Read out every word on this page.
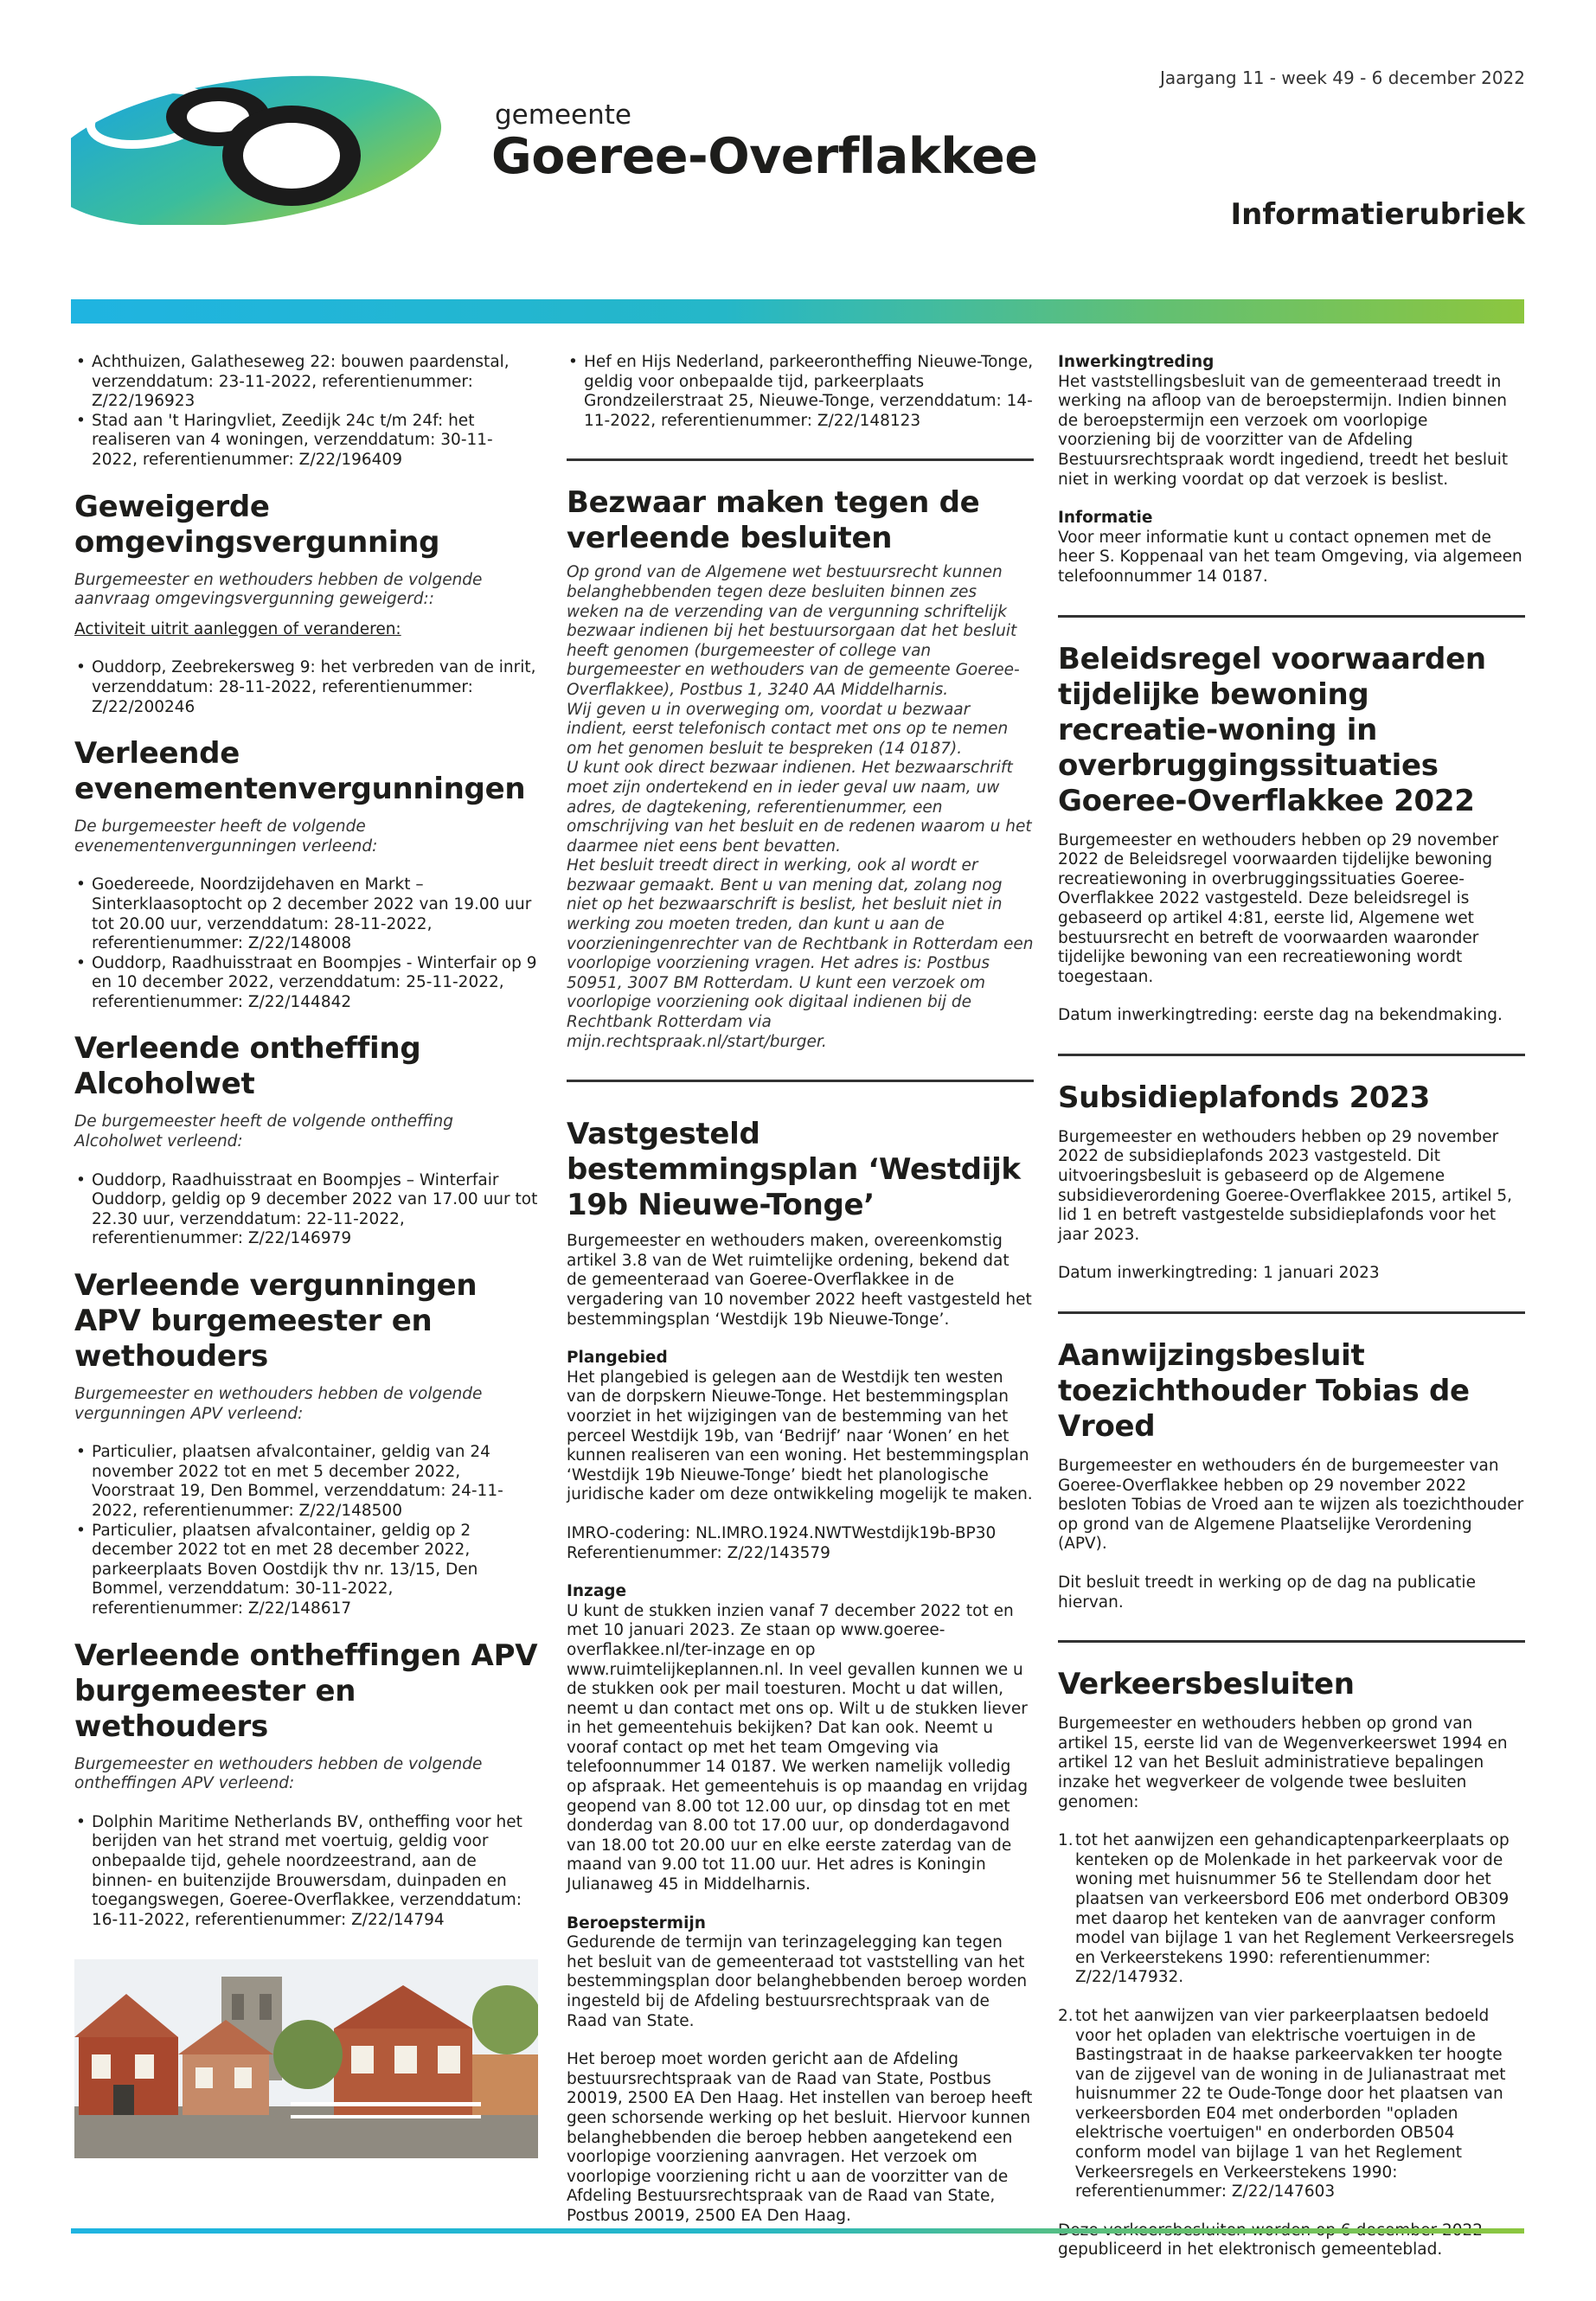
Jaargang 11 - week 49 - 6 december 2022
gemeente
Goeree-Overflakkee
Informatierubriek
• Achthuizen, Galatheseweg 22: bouwen paardenstal, verzenddatum: 23-11-2022, referentienummer: Z/22/196923
• Stad aan 't Haringvliet, Zeedijk 24c t/m 24f: het realiseren van 4 woningen, verzenddatum: 30-11-2022, referentienummer: Z/22/196409
Geweigerde omgevingsvergunning

Burgemeester en wethouders hebben de volgende aanvraag omgevingsvergunning geweigerd::

Activiteit uitrit aanleggen of veranderen:

• Ouddorp, Zeebrekersweg 9: het verbreden van de inrit, verzenddatum: 28-11-2022, referentienummer: Z/22/200246
Verleende evenementenvergunningen

De burgemeester heeft de volgende evenementenvergunningen verleend:

• Goedereede, Noordzijdehaven en Markt – Sinterklaasoptocht op 2 december 2022 van 19.00 uur tot 20.00 uur, verzenddatum: 28-11-2022, referentienummer: Z/22/148008
• Ouddorp, Raadhuisstraat en Boompjes - Winterfair op 9 en 10 december 2022, verzenddatum: 25-11-2022, referentienummer: Z/22/144842
Verleende ontheffing Alcoholwet

De burgemeester heeft de volgende ontheffing Alcoholwet verleend:

• Ouddorp, Raadhuisstraat en Boompjes – Winterfair Ouddorp, geldig op 9 december 2022 van 17.00 uur tot 22.30 uur, verzenddatum: 22-11-2022, referentienummer: Z/22/146979
Verleende vergunningen APV burgemeester en wethouders

Burgemeester en wethouders hebben de volgende vergunningen APV verleend:

• Particulier, plaatsen afvalcontainer, geldig van 24 november 2022 tot en met 5 december 2022, Voorstraat 19, Den Bommel, verzenddatum: 24-11-2022, referentienummer: Z/22/148500
• Particulier, plaatsen afvalcontainer, geldig op 2 december 2022 tot en met 28 december 2022, parkeerplaats Boven Oostdijk thv nr. 13/15, Den Bommel, verzenddatum: 30-11-2022, referentienummer: Z/22/148617
Verleende ontheffingen APV burgemeester en wethouders

Burgemeester en wethouders hebben de volgende ontheffingen APV verleend:

• Dolphin Maritime Netherlands BV, ontheffing voor het berijden van het strand met voertuig, geldig voor onbepaalde tijd, gehele noordzeestrand, aan de binnen- en buitenzijde Brouwersdam, duinpaden en toegangswegen, Goeree-Overflakkee, verzenddatum: 16-11-2022, referentienummer: Z/22/14794
• Hef en Hijs Nederland, parkeerontheffing Nieuwe-Tonge, geldig voor onbepaalde tijd, parkeerplaats Grondzeilerstraat 25, Nieuwe-Tonge, verzenddatum: 14-11-2022, referentienummer: Z/22/148123
Bezwaar maken tegen de verleende besluiten

Op grond van de Algemene wet bestuursrecht kunnen belanghebbenden tegen deze besluiten binnen zes weken na de verzending van de vergunning schriftelijk bezwaar indienen bij het bestuursorgaan dat het besluit heeft genomen (burgemeester of college van burgemeester en wethouders van de gemeente Goeree-Overflakkee), Postbus 1, 3240 AA Middelharnis.

Wij geven u in overweging om, voordat u bezwaar indient, eerst telefonisch contact met ons op te nemen om het genomen besluit te bespreken (14 0187).

U kunt ook direct bezwaar indienen. Het bezwaarschrift moet zijn ondertekend en in ieder geval uw naam, uw adres, de dagtekening, referentienummer, een omschrijving van het besluit en de redenen waarom u het daarmee niet eens bent bevatten.

Het besluit treedt direct in werking, ook al wordt er bezwaar gemaakt. Bent u van mening dat, zolang nog niet op het bezwaarschrift is beslist, het besluit niet in werking zou moeten treden, dan kunt u aan de voorzieningenrechter van de Rechtbank in Rotterdam een voorlopige voorziening vragen. Het adres is: Postbus 50951, 3007 BM Rotterdam. U kunt een verzoek om voorlopige voorziening ook digitaal indienen bij de Rechtbank Rotterdam via mijn.rechtspraak.nl/start/burger.

Vastgesteld bestemmingsplan ‘Westdijk 19b Nieuwe-Tonge’

Burgemeester en wethouders maken, overeenkomstig artikel 3.8 van de Wet ruimtelijke ordening, bekend dat de gemeenteraad van Goeree-Overflakkee in de vergadering van 10 november 2022 heeft vastgesteld het bestemmingsplan ‘Westdijk 19b Nieuwe-Tonge’.

Plangebied

Het plangebied is gelegen aan de Westdijk ten westen van de dorpskern Nieuwe-Tonge. Het bestemmingsplan voorziet in het wijzigingen van de bestemming van het perceel Westdijk 19b, van ‘Bedrijf’ naar ‘Wonen’ en het kunnen realiseren van een woning. Het bestemmingsplan ‘Westdijk 19b Nieuwe-Tonge’ biedt het planologische juridische kader om deze ontwikkeling mogelijk te maken.

IMRO-codering: NL.IMRO.1924.NWTWestdijk19b-BP30

Referentienummer: Z/22/143579

Inzage

U kunt de stukken inzien vanaf 7 december 2022 tot en met 10 januari 2023. Ze staan op www.goeree-overflakkee.nl/ter-inzage en op www.ruimtelijkeplannen.nl. In veel gevallen kunnen we u de stukken ook per mail toesturen. Mocht u dat willen, neemt u dan contact met ons op. Wilt u de stukken liever in het gemeentehuis bekijken? Dat kan ook. Neemt u vooraf contact op met het team Omgeving via telefoonnummer 14 0187. We werken namelijk volledig op afspraak. Het gemeentehuis is op maandag en vrijdag geopend van 8.00 tot 12.00 uur, op dinsdag tot en met donderdag van 8.00 tot 17.00 uur, op donderdagavond van 18.00 tot 20.00 uur en elke eerste zaterdag van de maand van 9.00 tot 11.00 uur. Het adres is Koningin Julianaweg 45 in Middelharnis.

Beroepstermijn

Gedurende de termijn van terinzagelegging kan tegen het besluit van de gemeenteraad tot vaststelling van het bestemmingsplan door belanghebbenden beroep worden ingesteld bij de Afdeling bestuursrechtspraak van de Raad van State.

Het beroep moet worden gericht aan de Afdeling bestuursrechtspraak van de Raad van State, Postbus 20019, 2500 EA Den Haag. Het instellen van beroep heeft geen schorsende werking op het besluit. Hiervoor kunnen belanghebbenden die beroep hebben aangetekend een voorlopige voorziening aanvragen. Het verzoek om voorlopige voorziening richt u aan de voorzitter van de Afdeling Bestuursrechtspraak van de Raad van State, Postbus 20019, 2500 EA Den Haag.

Inwerkingtreding

Het vaststellingsbesluit van de gemeenteraad treedt in werking na afloop van de beroepstermijn. Indien binnen de beroepstermijn een verzoek om voorlopige voorziening bij de voorzitter van de Afdeling Bestuursrechtspraak wordt ingediend, treedt het besluit niet in werking voordat op dat verzoek is beslist.

Informatie

Voor meer informatie kunt u contact opnemen met de heer S. Koppenaal van het team Omgeving, via algemeen telefoonnummer 14 0187.

Beleidsregel voorwaarden tijdelijke bewoning recreatie-woning in overbruggingssituaties Goeree-Overflakkee 2022

Burgemeester en wethouders hebben op 29 november 2022 de Beleidsregel voorwaarden tijdelijke bewoning recreatiewoning in overbruggingssituaties Goeree-Overflakkee 2022 vastgesteld. Deze beleidsregel is gebaseerd op artikel 4:81, eerste lid, Algemene wet bestuursrecht en betreft de voorwaarden waaronder tijdelijke bewoning van een recreatiewoning wordt toegestaan.

Datum inwerkingtreding: eerste dag na bekendmaking.

Subsidieplafonds 2023

Burgemeester en wethouders hebben op 29 november 2022 de subsidieplafonds 2023 vastgesteld. Dit uitvoeringsbesluit is gebaseerd op de Algemene subsidieverordening Goeree-Overflakkee 2015, artikel 5, lid 1 en betreft vastgestelde subsidieplafonds voor het jaar 2023.

Datum inwerkingtreding: 1 januari 2023

Aanwijzingsbesluit toezichthouder Tobias de Vroed

Burgemeester en wethouders én de burgemeester van Goeree-Overflakkee hebben op 29 november 2022 besloten Tobias de Vroed aan te wijzen als toezichthouder op grond van de Algemene Plaatselijke Verordening (APV).

Dit besluit treedt in werking op de dag na publicatie hiervan.

Verkeersbesluiten

Burgemeester en wethouders hebben op grond van artikel 15, eerste lid van de Wegenverkeerswet 1994 en artikel 12 van het Besluit administratieve bepalingen inzake het wegverkeer de volgende twee besluiten genomen:

1. tot het aanwijzen een gehandicaptenparkeerplaats op kenteken op de Molenkade in het parkeervak voor de woning met huisnummer 56 te Stellendam door het plaatsen van verkeersbord E06 met onderbord OB309 met daarop het kenteken van de aanvrager conform model van bijlage 1 van het Reglement Verkeersregels en Verkeerstekens 1990: referentienummer: Z/22/147932.
2. tot het aanwijzen van vier parkeerplaatsen bedoeld voor het opladen van elektrische voertuigen in de Bastingstraat in de haakse parkeervakken ter hoogte van de zijgevel van de woning in de Julianastraat met huisnummer 22 te Oude-Tonge door het plaatsen van verkeersborden E04 met onderborden "opladen elektrische voertuigen" en onderborden OB504 conform model van bijlage 1 van het Reglement Verkeersregels en Verkeerstekens 1990: referentienummer: Z/22/147603

gepubliceerd in het elektronisch gemeenteblad.
